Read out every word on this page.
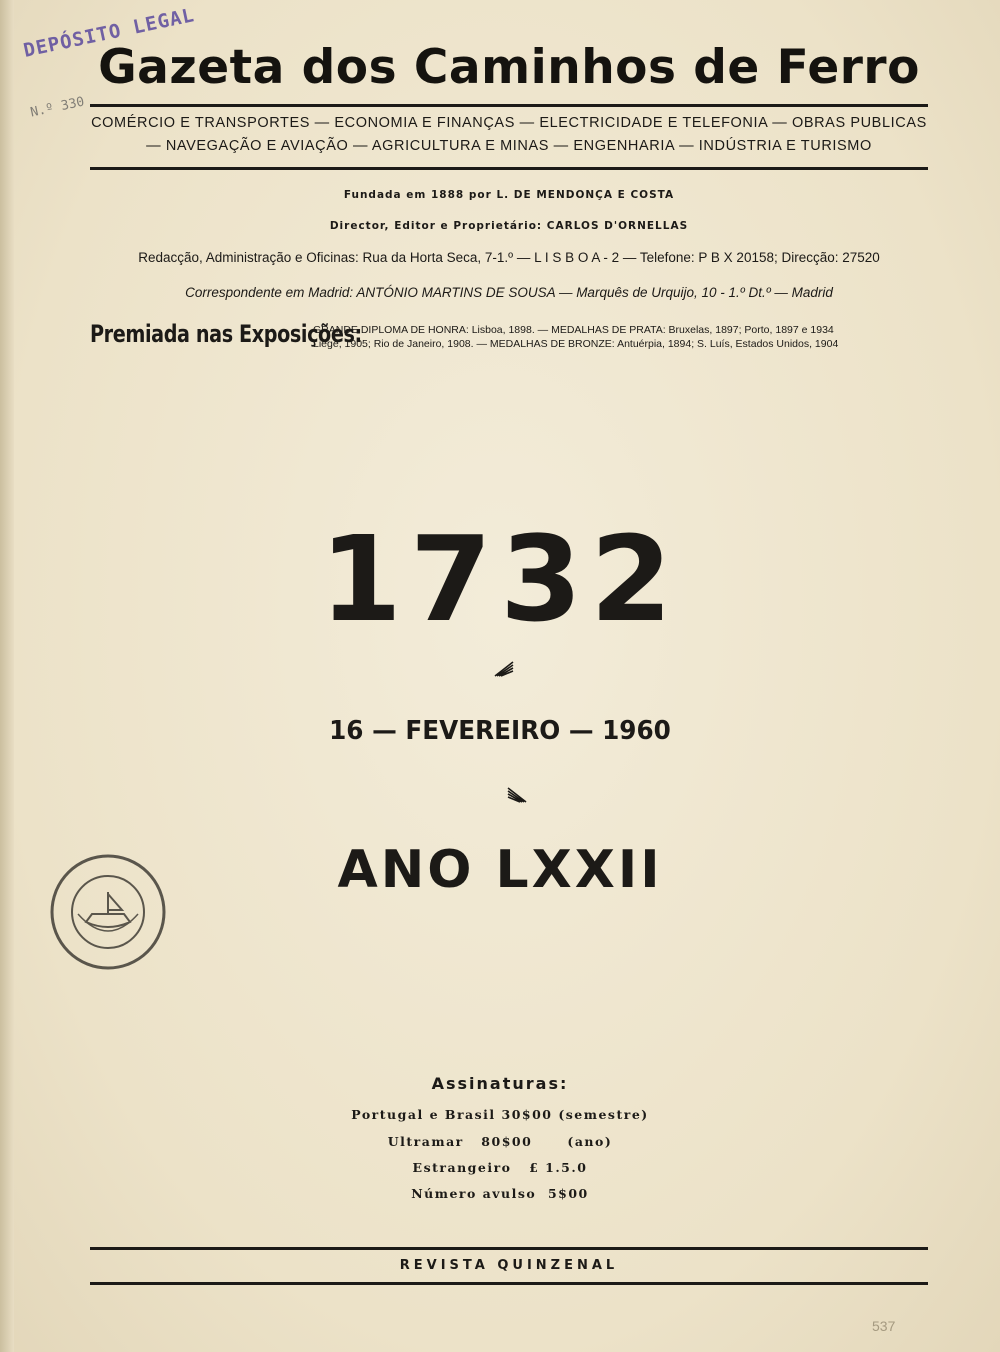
DEPÓSITO LEGAL
N.º 330
Gazeta dos Caminhos de Ferro
COMÉRCIO E TRANSPORTES — ECONOMIA E FINANÇAS — ELECTRICIDADE E TELEFONIA — OBRAS PUBLICAS
— NAVEGAÇÃO E AVIAÇÃO — AGRICULTURA E MINAS — ENGENHARIA — INDÚSTRIA E TURISMO
Fundada em 1888 por L. DE MENDONÇA E COSTA
Director, Editor e Proprietário: CARLOS D'ORNELLAS
Redacção, Administração e Oficinas: Rua da Horta Seca, 7-1.º — L I S B O A - 2 — Telefone: P B X 20158; Direcção: 27520
Correspondente em Madrid: ANTÓNIO MARTINS DE SOUSA — Marquês de Urquijo, 10 - 1.º Dt.º — Madrid
Premiada nas Exposições:
GRANDE DIPLOMA DE HONRA: Lisboa, 1898. — MEDALHAS DE PRATA: Bruxelas, 1897; Porto, 1897 e 1934
Liège, 1905; Rio de Janeiro, 1908. — MEDALHAS DE BRONZE: Antuérpia, 1894; S. Luís, Estados Unidos, 1904
1732
16 — FEVEREIRO — 1960
ANO LXXII
Assinaturas:
Portugal e Brasil 30$00 (semestre)
Ultramar   80$00      (ano)
Estrangeiro   £ 1.5.0
Número avulso  5$00
REVISTA QUINZENAL
537
